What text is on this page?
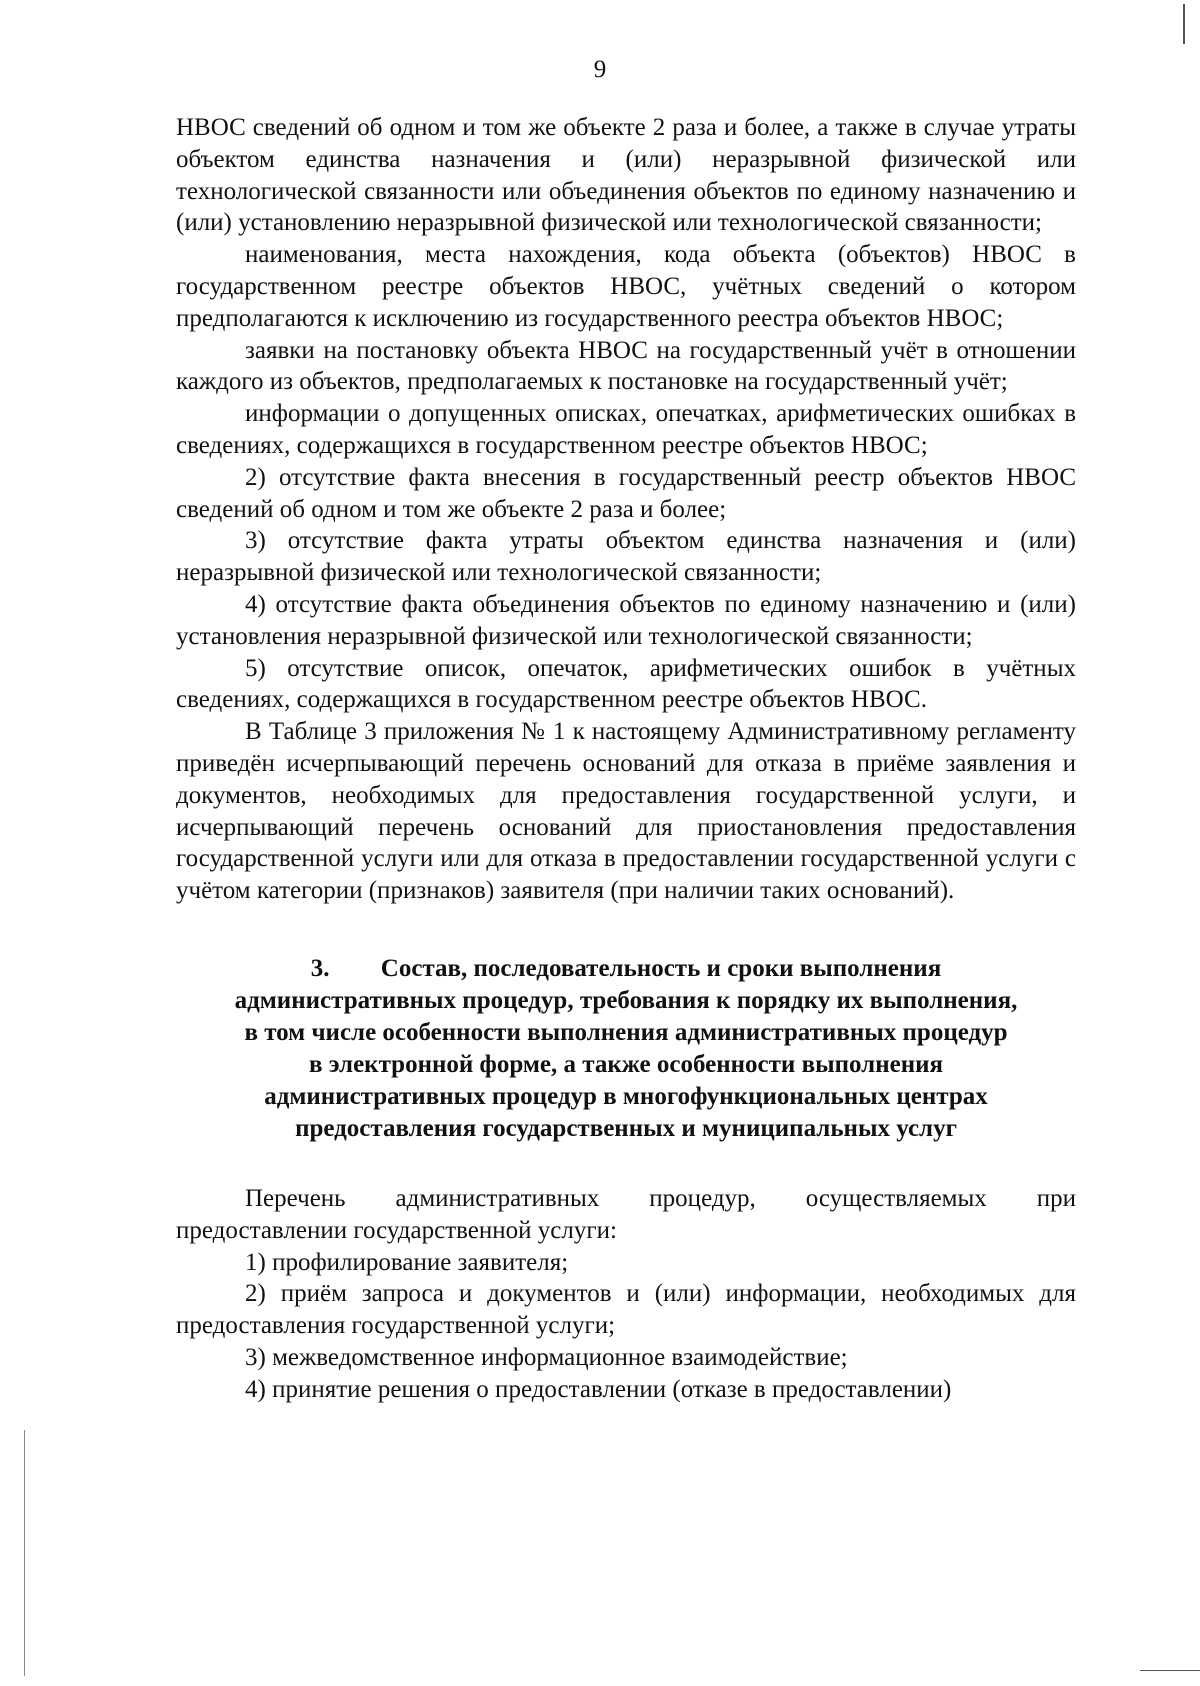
9

НВОС сведений об одном и том же объекте 2 раза и более, а также в случае утраты объектом единства назначения и (или) неразрывной физической или технологической связанности или объединения объектов по единому назначению и (или) установлению неразрывной физической или технологической связанности;

наименования, места нахождения, кода объекта (объектов) НВОС в государственном реестре объектов НВОС, учётных сведений о котором предполагаются к исключению из государственного реестра объектов НВОС;

заявки на постановку объекта НВОС на государственный учёт в отношении каждого из объектов, предполагаемых к постановке на государственный учёт;

информации о допущенных описках, опечатках, арифметических ошибках в сведениях, содержащихся в государственном реестре объектов НВОС;

2) отсутствие факта внесения в государственный реестр объектов НВОС сведений об одном и том же объекте 2 раза и более;

3) отсутствие факта утраты объектом единства назначения и (или) неразрывной физической или технологической связанности;

4) отсутствие факта объединения объектов по единому назначению и (или) установления неразрывной физической или технологической связанности;

5) отсутствие описок, опечаток, арифметических ошибок в учётных сведениях, содержащихся в государственном реестре объектов НВОС.

В Таблице 3 приложения № 1 к настоящему Административному регламенту приведён исчерпывающий перечень оснований для отказа в приёме заявления и документов, необходимых для предоставления государственной услуги, и исчерпывающий перечень оснований для приостановления предоставления государственной услуги или для отказа в предоставлении государственной услуги с учётом категории (признаков) заявителя (при наличии таких оснований).

3. Состав, последовательность и сроки выполнения
административных процедур, требования к порядку их выполнения,
в том числе особенности выполнения административных процедур
в электронной форме, а также особенности выполнения
административных процедур в многофункциональных центрах
предоставления государственных и муниципальных услуг

Перечень административных процедур, осуществляемых при предоставлении государственной услуги:

1) профилирование заявителя;

2) приём запроса и документов и (или) информации, необходимых для предоставления государственной услуги;

3) межведомственное информационное взаимодействие;

4) принятие решения о предоставлении (отказе в предоставлении)
